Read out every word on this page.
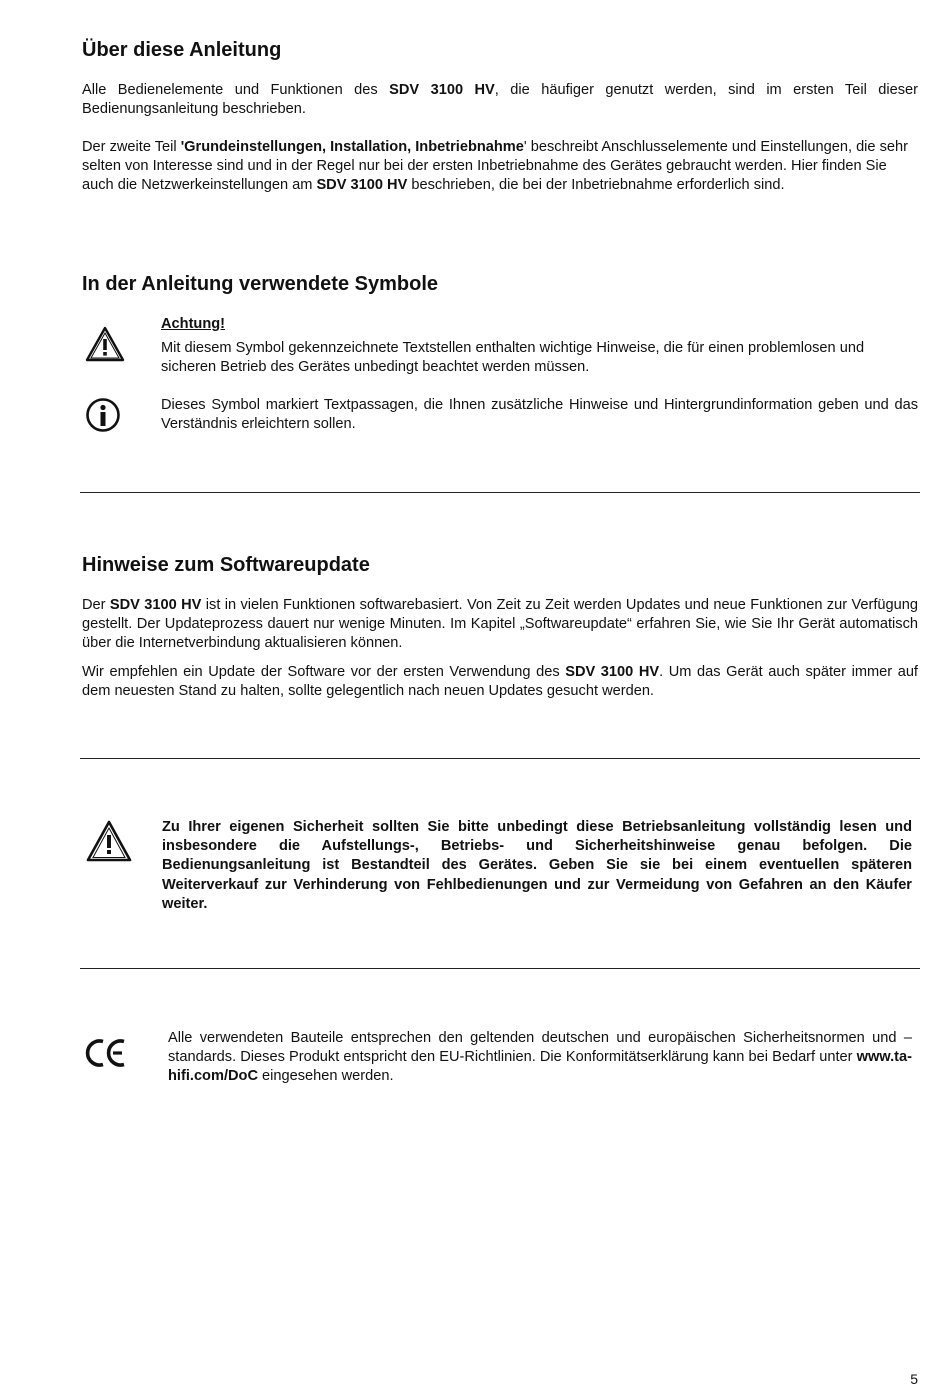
Über diese Anleitung

Alle Bedienelemente und Funktionen des SDV 3100 HV, die häufiger genutzt werden, sind im ersten Teil dieser Bedienungsanleitung beschrieben.

Der zweite Teil 'Grundeinstellungen, Installation, Inbetriebnahme' beschreibt Anschlusselemente und Einstellungen, die sehr selten von Interesse sind und in der Regel nur bei der ersten Inbetriebnahme des Gerätes gebraucht werden. Hier finden Sie auch die Netzwerkeinstellungen am SDV 3100 HV beschrieben, die bei der Inbetriebnahme erforderlich sind.

In der Anleitung verwendete Symbole
Achtung!
Mit diesem Symbol gekennzeichnete Textstellen enthalten wichtige Hinweise, die für einen problemlosen und sicheren Betrieb des Gerätes unbedingt beachtet werden müssen.

Dieses Symbol markiert Textpassagen, die Ihnen zusätzliche Hinweise und Hintergrundinformation geben und das Verständnis erleichtern sollen.

Hinweise zum Softwareupdate

Der SDV 3100 HV ist in vielen Funktionen softwarebasiert. Von Zeit zu Zeit werden Updates und neue Funktionen zur Verfügung gestellt. Der Updateprozess dauert nur wenige Minuten. Im Kapitel „Softwareupdate“ erfahren Sie, wie Sie Ihr Gerät automatisch über die Internetverbindung aktualisieren können.

Wir empfehlen ein Update der Software vor der ersten Verwendung des SDV 3100 HV. Um das Gerät auch später immer auf dem neuesten Stand zu halten, sollte gelegentlich nach neuen Updates gesucht werden.

Zu Ihrer eigenen Sicherheit sollten Sie bitte unbedingt diese Betriebsanleitung vollständig lesen und insbesondere die Aufstellungs-, Betriebs- und Sicherheitshinweise genau befolgen. Die Bedienungsanleitung ist Bestandteil des Gerätes. Geben Sie sie bei einem eventuellen späteren Weiterverkauf zur Verhinderung von Fehlbedienungen und zur Vermeidung von Gefahren an den Käufer weiter.

Alle verwendeten Bauteile entsprechen den geltenden deutschen und europäischen Sicherheitsnormen und –standards. Dieses Produkt entspricht den EU-Richtlinien. Die Konformitätserklärung kann bei Bedarf unter www.ta-hifi.com/DoC eingesehen werden.

5
